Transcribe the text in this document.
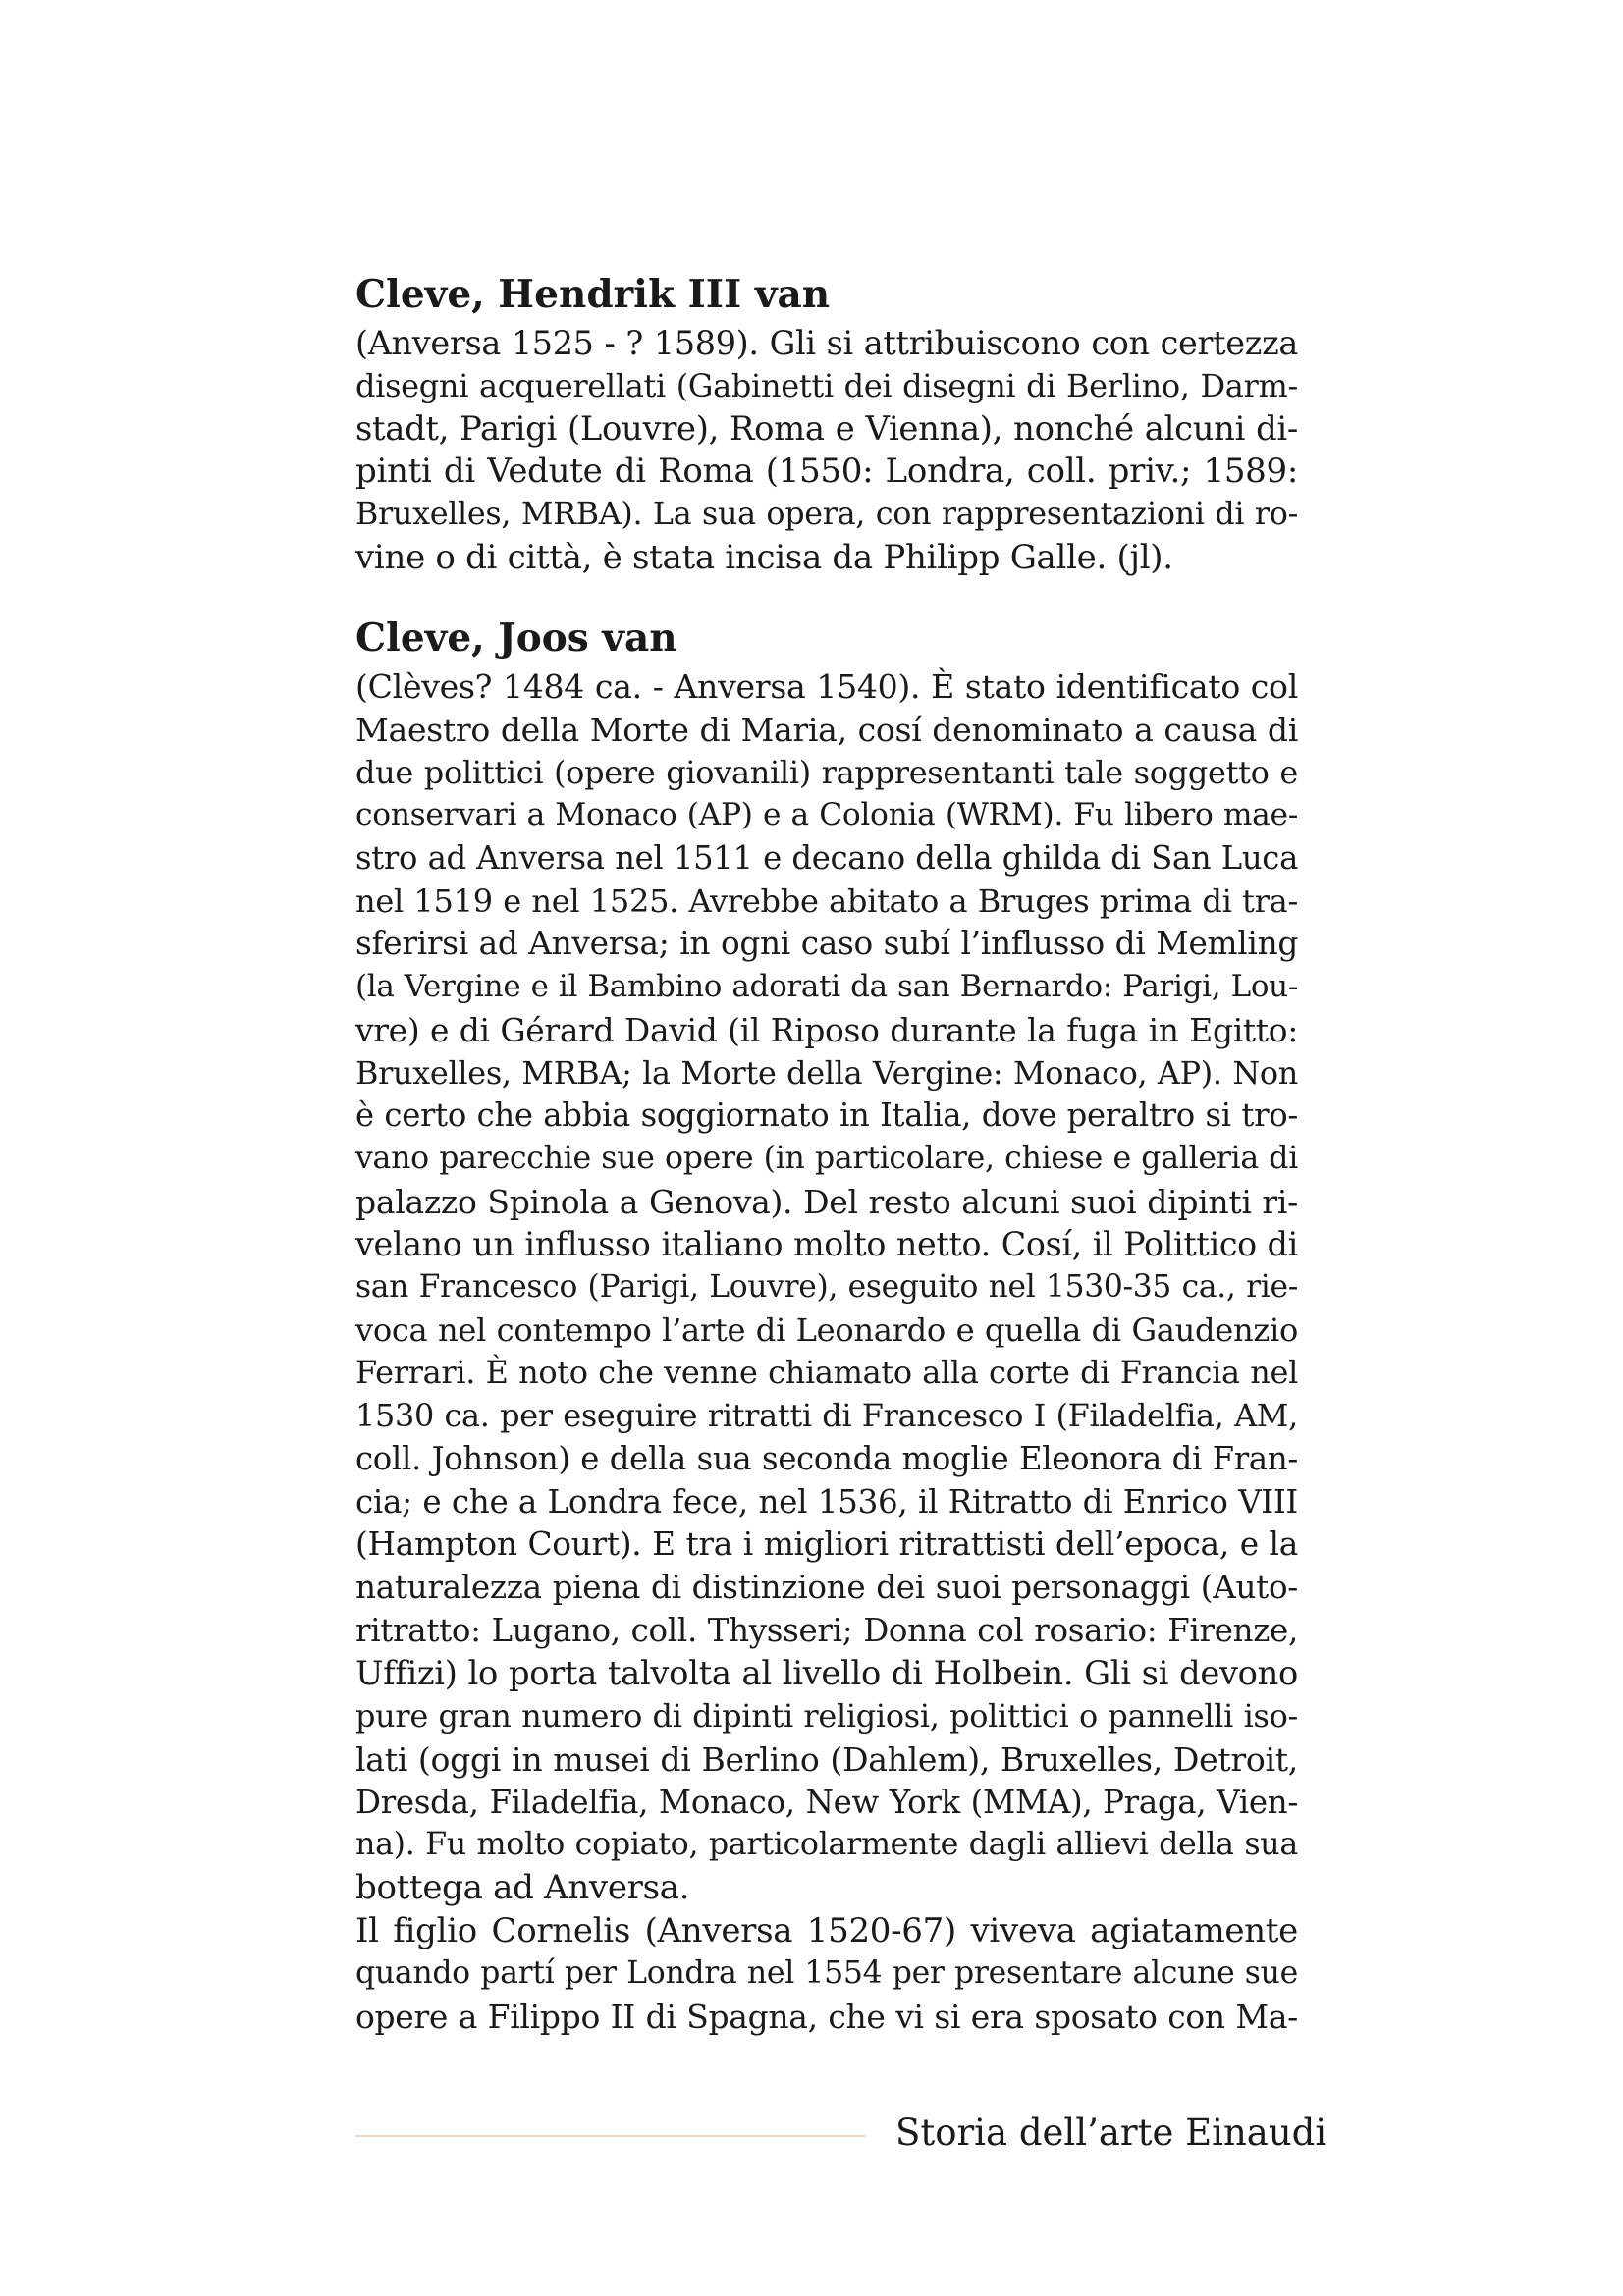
Cleve, Hendrik III van
(Anversa 1525 - ? 1589). Gli si attribuiscono con certezza
disegni acquerellati (Gabinetti dei disegni di Berlino, Darm-
stadt, Parigi (Louvre), Roma e Vienna), nonché alcuni di-
pinti di Vedute di Roma (1550: Londra, coll. priv.; 1589:
Bruxelles, MRBA). La sua opera, con rappresentazioni di ro-
vine o di città, è stata incisa da Philipp Galle. (jl).
Cleve, Joos van
(Clèves? 1484 ca. - Anversa 1540). È stato identificato col
Maestro della Morte di Maria, cosí denominato a causa di
due polittici (opere giovanili) rappresentanti tale soggetto e
conservari a Monaco (AP) e a Colonia (WRM). Fu libero mae-
stro ad Anversa nel 1511 e decano della ghilda di San Luca
nel 1519 e nel 1525. Avrebbe abitato a Bruges prima di tra-
sferirsi ad Anversa; in ogni caso subí l’influsso di Memling
(la Vergine e il Bambino adorati da san Bernardo: Parigi, Lou-
vre) e di Gérard David (il Riposo durante la fuga in Egitto:
Bruxelles, MRBA; la Morte della Vergine: Monaco, AP). Non
è certo che abbia soggiornato in Italia, dove peraltro si tro-
vano parecchie sue opere (in particolare, chiese e galleria di
palazzo Spinola a Genova). Del resto alcuni suoi dipinti ri-
velano un influsso italiano molto netto. Cosí, il Polittico di
san Francesco (Parigi, Louvre), eseguito nel 1530-35 ca., rie-
voca nel contempo l’arte di Leonardo e quella di Gaudenzio
Ferrari. È noto che venne chiamato alla corte di Francia nel
1530 ca. per eseguire ritratti di Francesco I (Filadelfia, AM,
coll. Johnson) e della sua seconda moglie Eleonora di Fran-
cia; e che a Londra fece, nel 1536, il Ritratto di Enrico VIII
(Hampton Court). E tra i migliori ritrattisti dell’epoca, e la
naturalezza piena di distinzione dei suoi personaggi (Auto-
ritratto: Lugano, coll. Thysseri; Donna col rosario: Firenze,
Uffizi) lo porta talvolta al livello di Holbein. Gli si devono
pure gran numero di dipinti religiosi, polittici o pannelli iso-
lati (oggi in musei di Berlino (Dahlem), Bruxelles, Detroit,
Dresda, Filadelfia, Monaco, New York (MMA), Praga, Vien-
na). Fu molto copiato, particolarmente dagli allievi della sua
bottega ad Anversa.
Il figlio Cornelis (Anversa 1520-67) viveva agiatamente
quando partí per Londra nel 1554 per presentare alcune sue
opere a Filippo II di Spagna, che vi si era sposato con Ma-
Storia dell’arte Einaudi
